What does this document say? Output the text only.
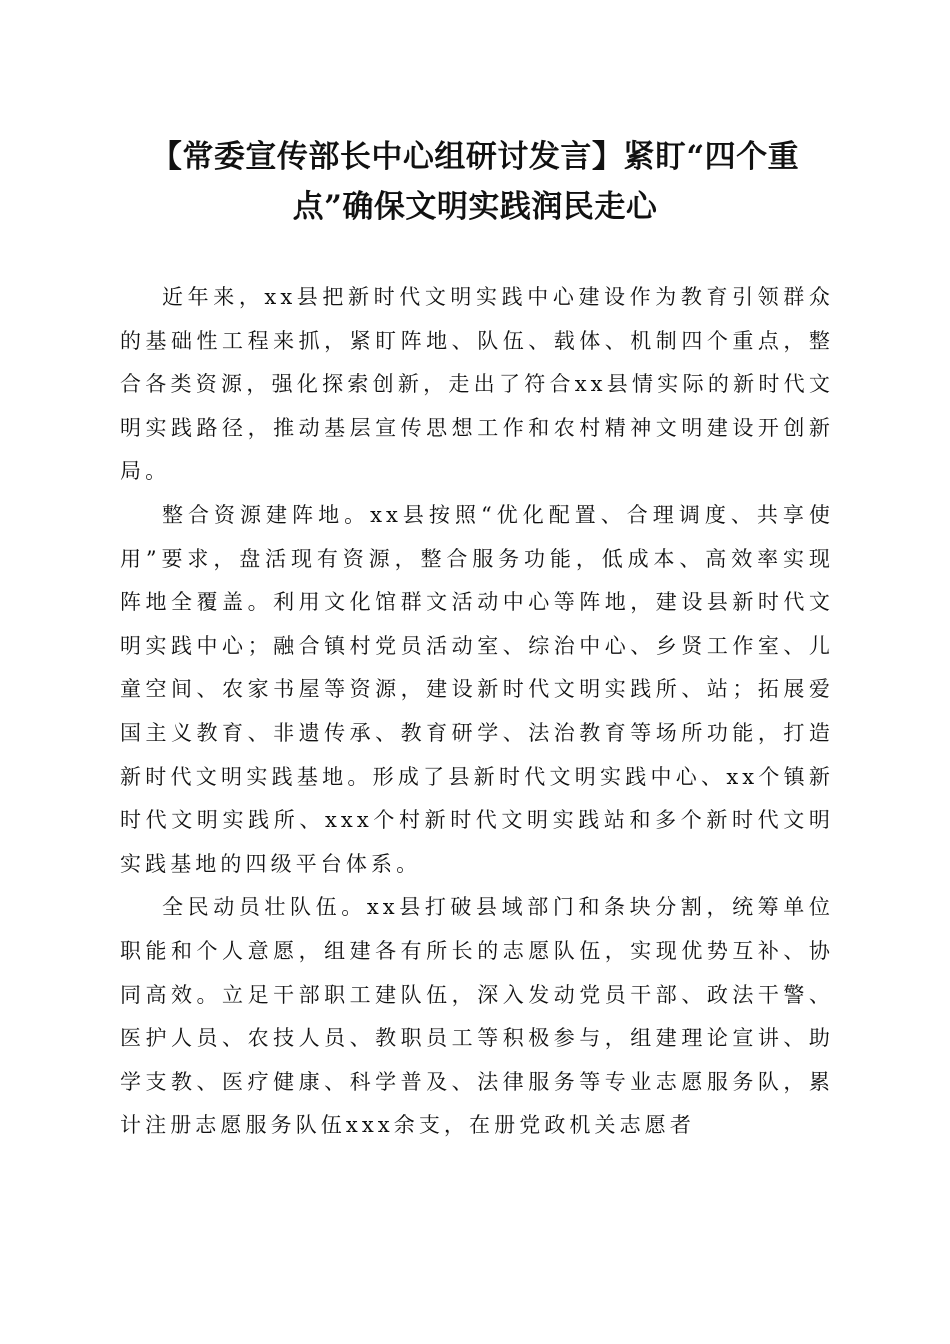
【常委宣传部长中心组研讨发言】紧盯“四个重点”确保文明实践润民走心

近年来，xx县把新时代文明实践中心建设作为教育引领群众的基础性工程来抓，紧盯阵地、队伍、载体、机制四个重点，整合各类资源，强化探索创新，走出了符合xx县情实际的新时代文明实践路径，推动基层宣传思想工作和农村精神文明建设开创新局。

整合资源建阵地。xx县按照“优化配置、合理调度、共享使用”要求，盘活现有资源，整合服务功能，低成本、高效率实现阵地全覆盖。利用文化馆群文活动中心等阵地，建设县新时代文明实践中心；融合镇村党员活动室、综治中心、乡贤工作室、儿童空间、农家书屋等资源，建设新时代文明实践所、站；拓展爱国主义教育、非遗传承、教育研学、法治教育等场所功能，打造新时代文明实践基地。形成了县新时代文明实践中心、xx个镇新时代文明实践所、xxx个村新时代文明实践站和多个新时代文明实践基地的四级平台体系。

全民动员壮队伍。xx县打破县域部门和条块分割，统筹单位职能和个人意愿，组建各有所长的志愿队伍，实现优势互补、协同高效。立足干部职工建队伍，深入发动党员干部、政法干警、医护人员、农技人员、教职员工等积极参与，组建理论宣讲、助学支教、医疗健康、科学普及、法律服务等专业志愿服务队，累计注册志愿服务队伍xxx余支，在册党政机关志愿者
